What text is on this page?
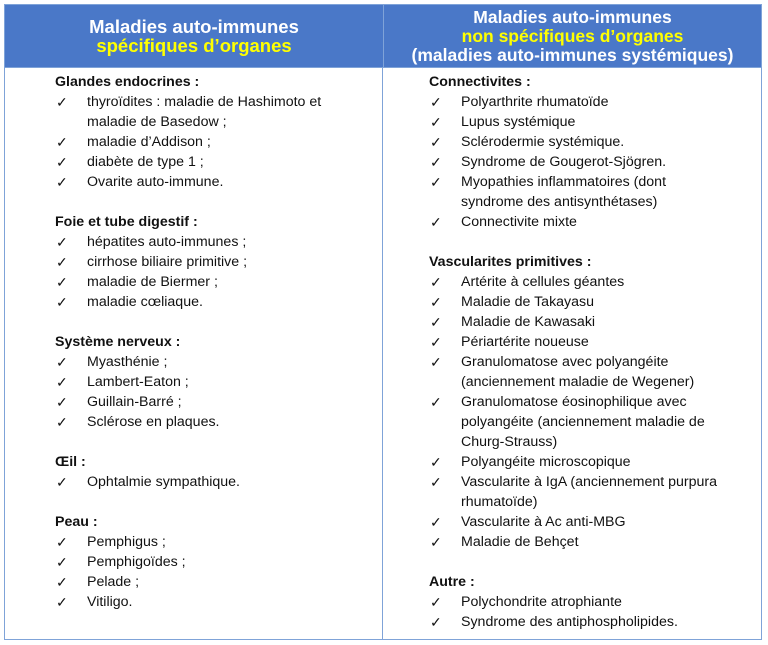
Maladies auto-immunes
spécifiques d’organes
Maladies auto-immunes
non spécifiques d’organes
(maladies auto-immunes systémiques)
Glandes endocrines :
✓ thyroïdites : maladie de Hashimoto et
maladie de Basedow ;
✓ maladie d’Addison ;
✓ diabète de type 1 ;
✓ Ovarite auto-immune.
Foie et tube digestif :
✓ hépatites auto-immunes ;
✓ cirrhose biliaire primitive ;
✓ maladie de Biermer ;
✓ maladie cœliaque.
Système nerveux :
✓ Myasthénie ;
✓ Lambert-Eaton ;
✓ Guillain-Barré ;
✓ Sclérose en plaques.
Œil :
✓ Ophtalmie sympathique.
Peau :
✓ Pemphigus ;
✓ Pemphigoïdes ;
✓ Pelade ;
✓ Vitiligo.
Connectivites :
✓ Polyarthrite rhumatoïde
✓ Lupus systémique
✓ Sclérodermie systémique.
✓ Syndrome de Gougerot-Sjögren.
✓ Myopathies inflammatoires (dont
syndrome des antisynthétases)
✓ Connectivite mixte
Vascularites primitives :
✓ Artérite à cellules géantes
✓ Maladie de Takayasu
✓ Maladie de Kawasaki
✓ Périartérite noueuse
✓ Granulomatose avec polyangéite
(anciennement maladie de Wegener)
✓ Granulomatose éosinophilique avec
polyangéite (anciennement maladie de
Churg-Strauss)
✓ Polyangéite microscopique
✓ Vascularite à IgA (anciennement purpura
rhumatoïde)
✓ Vascularite à Ac anti-MBG
✓ Maladie de Behçet
Autre :
✓ Polychondrite atrophiante
✓ Syndrome des antiphospholipides.
